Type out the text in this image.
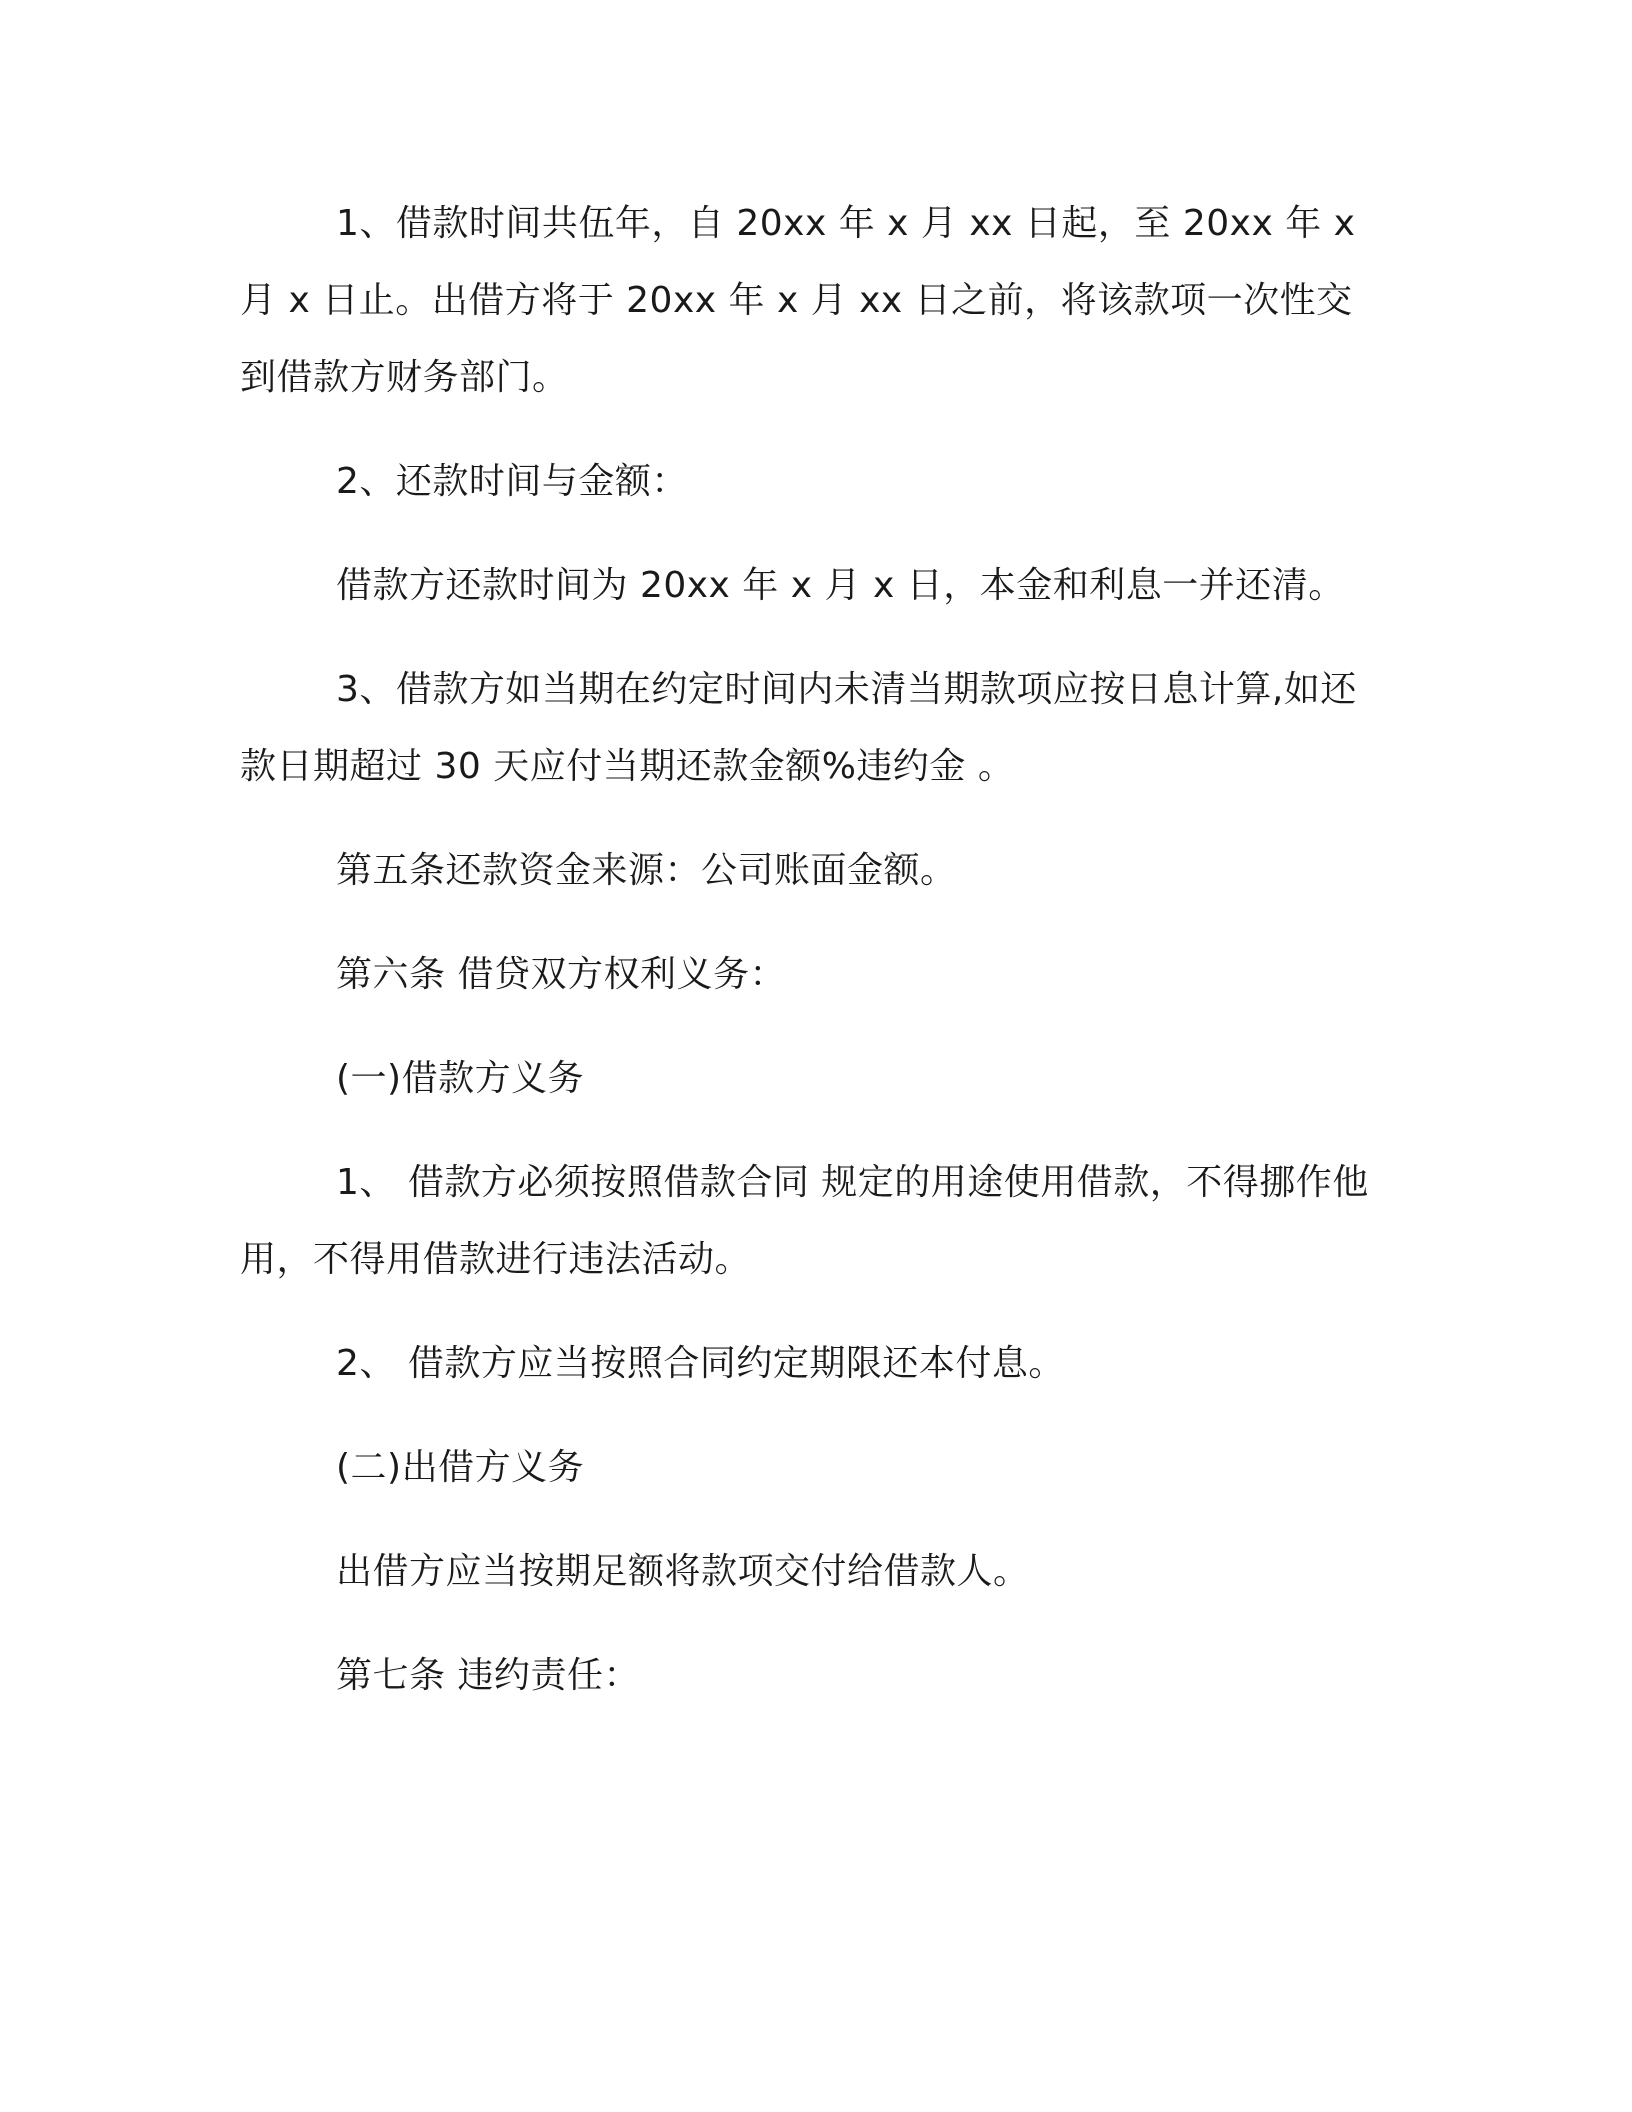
1、借款时间共伍年，自 20xx 年 x 月 xx 日起，至 20xx 年 x 月 x 日止。出借方将于 20xx 年 x 月 xx 日之前，将该款项一次性交到借款方财务部门。

2、还款时间与金额：

借款方还款时间为 20xx 年 x 月 x 日，本金和利息一并还清。

3、借款方如当期在约定时间内未清当期款项应按日息计算,如还款日期超过 30 天应付当期还款金额%违约金 。

第五条还款资金来源：公司账面金额。

第六条 借贷双方权利义务：

(一)借款方义务

1、 借款方必须按照借款合同 规定的用途使用借款，不得挪作他用，不得用借款进行违法活动。

2、 借款方应当按照合同约定期限还本付息。

(二)出借方义务

出借方应当按期足额将款项交付给借款人。

第七条 违约责任：
